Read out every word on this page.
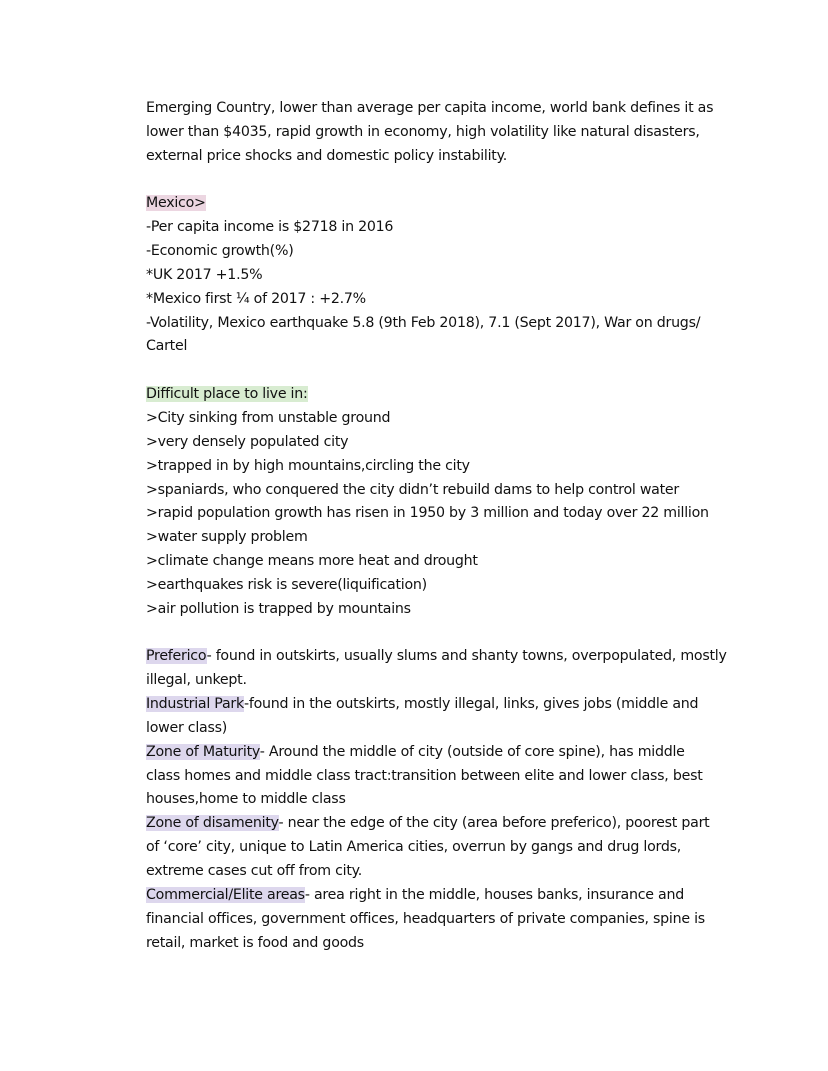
Emerging Country, lower than average per capita income, world bank defines it as
lower than $4035, rapid growth in economy, high volatility like natural disasters,
external price shocks and domestic policy instability.
Mexico>
-Per capita income is $2718 in 2016
-Economic growth(%)
*UK 2017 +1.5%
*Mexico first ¼ of 2017 : +2.7%
-Volatility, Mexico earthquake 5.8 (9th Feb 2018), 7.1 (Sept 2017), War on drugs/
Cartel
Difficult place to live in:
>City sinking from unstable ground
>very densely populated city
>trapped in by high mountains,circling the city
>spaniards, who conquered the city didn’t rebuild dams to help control water
>rapid population growth has risen in 1950 by 3 million and today over 22 million
>water supply problem
>climate change means more heat and drought
>earthquakes risk is severe(liquification)
>air pollution is trapped by mountains
Preferico- found in outskirts, usually slums and shanty towns, overpopulated, mostly
illegal, unkept.
Industrial Park-found in the outskirts, mostly illegal, links, gives jobs (middle and
lower class)
Zone of Maturity- Around the middle of city (outside of core spine), has middle
class homes and middle class tract:transition between elite and lower class, best
houses,home to middle class
Zone of disamenity- near the edge of the city (area before preferico), poorest part
of ‘core’ city, unique to Latin America cities, overrun by gangs and drug lords,
extreme cases cut off from city.
Commercial/Elite areas- area right in the middle, houses banks, insurance and
financial offices, government offices, headquarters of private companies, spine is
retail, market is food and goods
